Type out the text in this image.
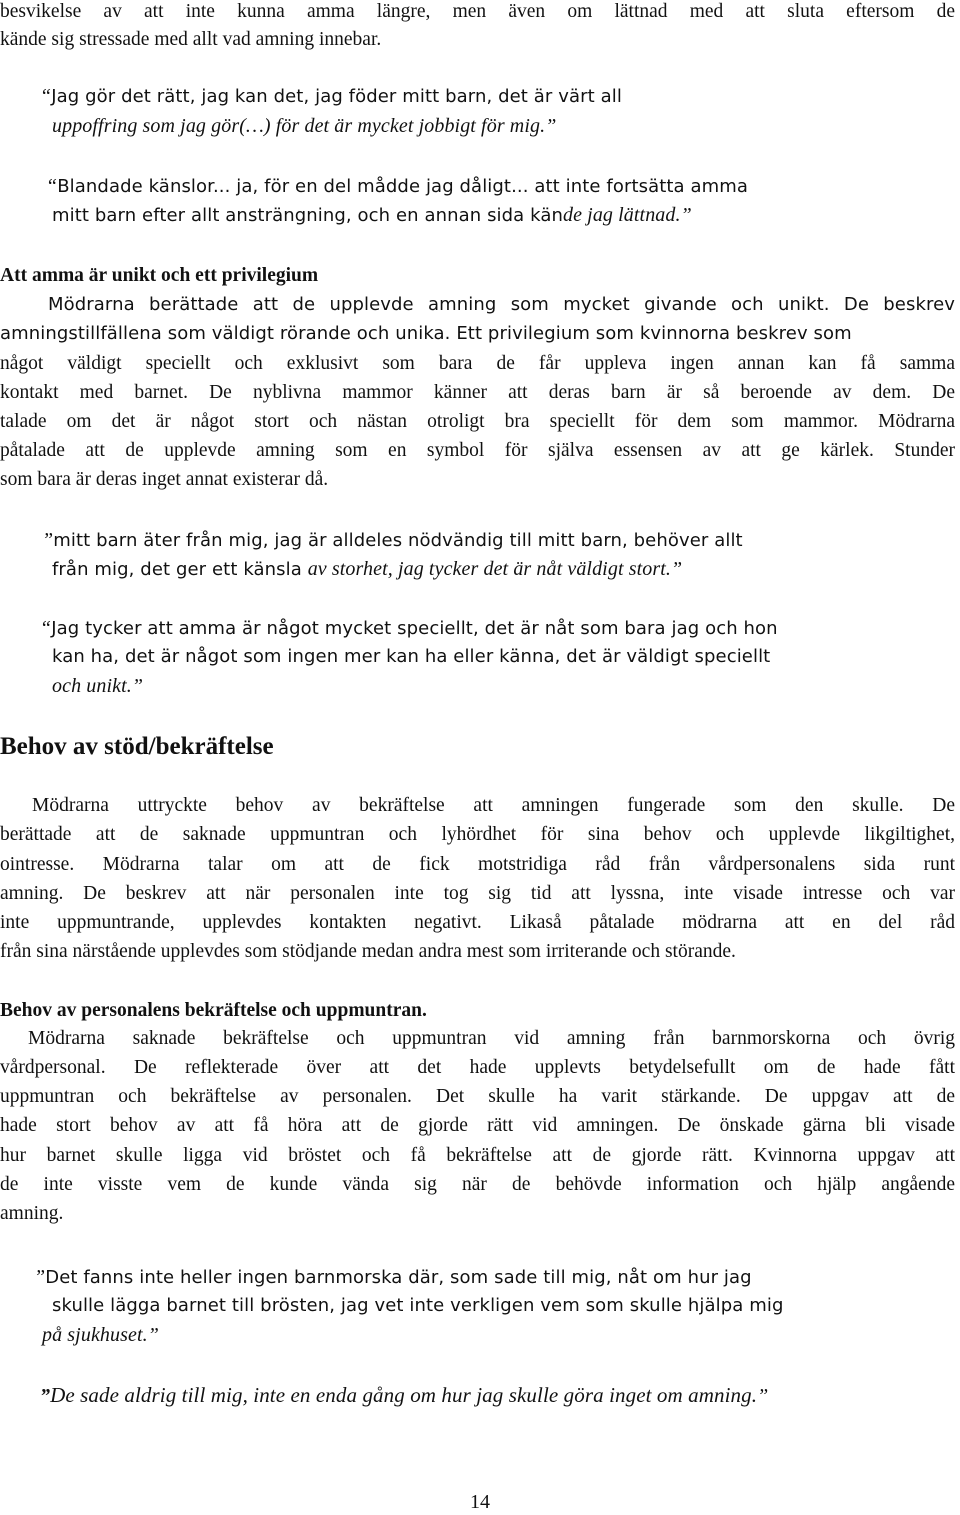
besvikelse av att inte kunna amma längre, men även om lättnad med att sluta eftersom de
kände sig stressade med allt vad amning innebar.
“Jag gör det rätt, jag kan det, jag föder mitt barn, det är värt all
uppoffring som jag gör(…) för det är mycket jobbigt för mig.”
“Blandade känslor... ja, för en del mådde jag dåligt... att inte fortsätta amma
mitt barn efter allt ansträngning, och en annan sida kände jag lättnad.”
Att amma är unikt och ett privilegium
Mödrarna berättade att de upplevde amning som mycket givande och unikt. De beskrev
amningstillfällena som väldigt rörande och unika. Ett privilegium som kvinnorna beskrev som
något väldigt speciellt och exklusivt som bara de får uppleva ingen annan kan få samma
kontakt med barnet. De nyblivna mammor känner att deras barn är så beroende av dem. De
talade om det är något stort och nästan otroligt bra speciellt för dem som mammor. Mödrarna
påtalade att de upplevde amning som en symbol för själva essensen av att ge kärlek. Stunder
som bara är deras inget annat existerar då.
”mitt barn äter från mig, jag är alldeles nödvändig till mitt barn, behöver allt
från mig, det ger ett känsla av storhet, jag tycker det är nåt väldigt stort.”
“Jag tycker att amma är något mycket speciellt, det är nåt som bara jag och hon
kan ha, det är något som ingen mer kan ha eller känna, det är väldigt speciellt
och unikt.”
Behov av stöd/bekräftelse
Mödrarna uttryckte behov av bekräftelse att amningen fungerade som den skulle. De
berättade att de saknade uppmuntran och lyhördhet för sina behov och upplevde likgiltighet,
ointresse. Mödrarna talar om att de fick motstridiga råd från vårdpersonalens sida runt
amning. De beskrev att när personalen inte tog sig tid att lyssna, inte visade intresse och var
inte uppmuntrande, upplevdes kontakten negativt. Likaså påtalade mödrarna att en del råd
från sina närstående upplevdes som stödjande medan andra mest som irriterande och störande.
Behov av personalens bekräftelse och uppmuntran.
Mödrarna saknade bekräftelse och uppmuntran vid amning från barnmorskorna och övrig
vårdpersonal. De reflekterade över att det hade upplevts betydelsefullt om de hade fått
uppmuntran och bekräftelse av personalen. Det skulle ha varit stärkande. De uppgav att de
hade stort behov av att få höra att de gjorde rätt vid amningen. De önskade gärna bli visade
hur barnet skulle ligga vid bröstet och få bekräftelse att de gjorde rätt. Kvinnorna uppgav att
de inte visste vem de kunde vända sig när de behövde information och hjälp angående
amning.
”Det fanns inte heller ingen barnmorska där, som sade till mig, nåt om hur jag
skulle lägga barnet till brösten, jag vet inte verkligen vem som skulle hjälpa mig
på sjukhuset.”
”De sade aldrig till mig, inte en enda gång om hur jag skulle göra inget om amning.”
14
